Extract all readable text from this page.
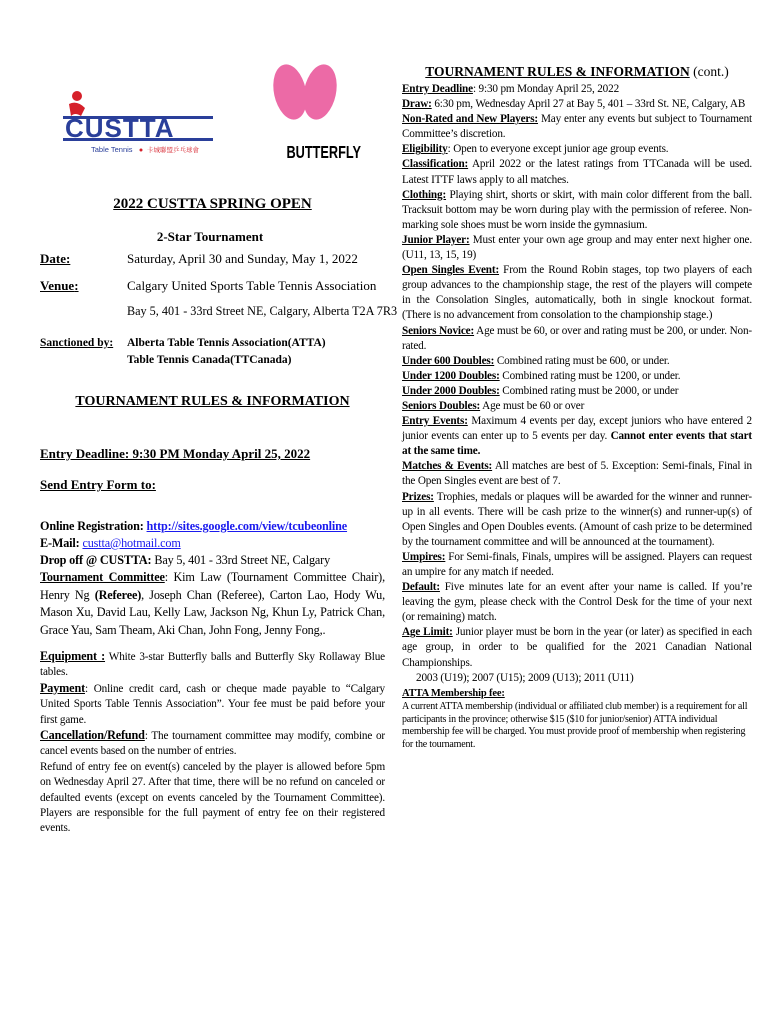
CUSTTA
Table Tennis 卡城聯盟乒乓球會	BUTTERFLY
2022 CUSTTA SPRING OPEN
2-Star Tournament
Date:	Saturday, April 30 and Sunday, May 1, 2022
Venue:	Calgary United Sports Table Tennis Association
Bay 5, 401 - 33rd Street NE, Calgary, Alberta T2A 7R3
Sanctioned by: Alberta Table Tennis Association(ATTA)
Table Tennis Canada(TTCanada)
TOURNAMENT RULES & INFORMATION
Entry Deadline: 9:30 PM Monday April 25, 2022
Send Entry Form to:

Online Registration: http://sites.google.com/view/tcubeonline

E-Mail: custta@hotmail.com

Drop off @ CUSTTA: Bay 5, 401 - 33rd Street NE, Calgary

Tournament Committee: Kim Law (Tournament Committee Chair), Henry Ng (Referee), Joseph Chan (Referee), Carton Lao, Hody Wu, Mason Xu, David Lau, Kelly Law, Jackson Ng, Khun Ly, Patrick Chan, Grace Yau, Sam Theam, Aki Chan, John Fong, Jenny Fong,.

Equipment : White 3-star Butterfly balls and Butterfly Sky Rollaway Blue tables.

Payment: Online credit card, cash or cheque made payable to “Calgary United Sports Table Tennis Association”. Your fee must be paid before your first game.

Cancellation/Refund: The tournament committee may modify, combine or cancel events based on the number of entries.

Refund of entry fee on event(s) canceled by the player is allowed before 5pm on Wednesday April 27. After that time, there will be no refund on canceled or defaulted events (except on events canceled by the Tournament Committee). Players are responsible for the full payment of entry fee on their registered events.

TOURNAMENT RULES & INFORMATION (cont.)

Entry Deadline: 9:30 pm Monday April 25, 2022

Draw: 6:30 pm, Wednesday April 27 at Bay 5, 401 – 33rd St. NE, Calgary, AB

Non-Rated and New Players: May enter any events but subject to Tournament Committee’s discretion.

Eligibility: Open to everyone except junior age group events.

Classification: April 2022 or the latest ratings from TTCanada will be used. Latest ITTF laws apply to all matches.

Clothing: Playing shirt, shorts or skirt, with main color different from the ball. Tracksuit bottom may be worn during play with the permission of referee. Non-marking sole shoes must be worn inside the gymnasium.

Junior Player: Must enter your own age group and may enter next higher one. (U11, 13, 15, 19)

Open Singles Event: From the Round Robin stages, top two players of each group advances to the championship stage, the rest of the players will compete in the Consolation Singles, automatically, both in single knockout format. (There is no advancement from consolation to the championship stage.)

Seniors Novice: Age must be 60, or over and rating must be 200, or under. Non-rated.

Under 600 Doubles: Combined rating must be 600, or under.

Under 1200 Doubles: Combined rating must be 1200, or under.

Under 2000 Doubles: Combined rating must be 2000, or under

Seniors Doubles: Age must be 60 or over

Entry Events: Maximum 4 events per day, except juniors who have entered 2 junior events can enter up to 5 events per day. Cannot enter events that start at the same time.

Matches & Events: All matches are best of 5. Exception: Semi-finals, Final in the Open Singles event are best of 7.

Prizes: Trophies, medals or plaques will be awarded for the winner and runner-up in all events. There will be cash prize to the winner(s) and runner-up(s) of Open Singles and Open Doubles events. (Amount of cash prize to be determined by the tournament committee and will be announced at the tournament).

Umpires: For Semi-finals, Finals, umpires will be assigned. Players can request an umpire for any match if needed.

Default: Five minutes late for an event after your name is called. If you’re leaving the gym, please check with the Control Desk for the time of your next (or remaining) match.

Age Limit: Junior player must be born in the year (or later) as specified in each age group, in order to be qualified for the 2021 Canadian National Championships.

2003 (U19); 2007 (U15); 2009 (U13); 2011 (U11)

ATTA Membership fee:

A current ATTA membership (individual or affiliated club member) is a requirement for all participants in the province; otherwise $15 ($10 for junior/senior) ATTA individual membership fee will be charged. You must provide proof of membership when registering for the tournament.
